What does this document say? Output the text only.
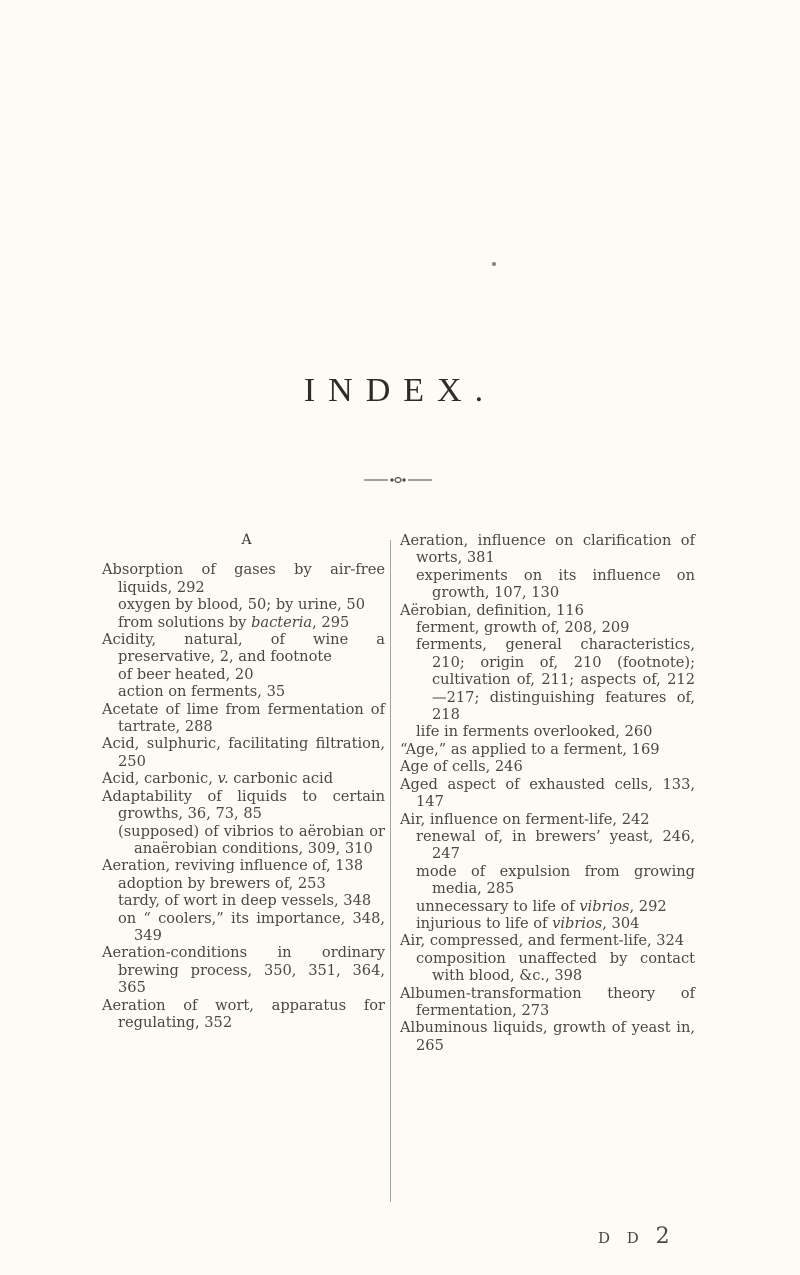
INDEX.
A

Absorption of gases by air-free liquids, 292

oxygen by blood, 50; by urine, 50

from solutions by bacteria, 295

Acidity, natural, of wine a preservative, 2, and footnote

of beer heated, 20

action on ferments, 35

Acetate of lime from fermentation of tartrate, 288

Acid, sulphuric, facilitating filtration, 250

Acid, carbonic, v. carbonic acid

Adaptability of liquids to certain growths, 36, 73, 85

(supposed) of vibrios to aërobian or anaërobian conditions, 309, 310

Aeration, reviving influence of, 138

adoption by brewers of, 253

tardy, of wort in deep vessels, 348

on “ coolers,” its importance, 348, 349

Aeration-conditions in ordinary brewing process, 350, 351, 364, 365

Aeration of wort, apparatus for regulating, 352

Aeration, influence on clarification of worts, 381

experiments on its influence on growth, 107, 130

Aërobian, definition, 116

ferment, growth of, 208, 209

ferments, general characteristics, 210; origin of, 210 (footnote); cultivation of, 211; aspects of, 212—217; distinguishing features of, 218

life in ferments overlooked, 260

“Age,” as applied to a ferment, 169

Age of cells, 246

Aged aspect of exhausted cells, 133, 147

Air, influence on ferment-life, 242

renewal of, in brewers’ yeast, 246, 247

mode of expulsion from growing media, 285

unnecessary to life of vibrios, 292

injurious to life of vibrios, 304

Air, compressed, and ferment-life, 324

composition unaffected by contact with blood, &c., 398

Albumen-transformation theory of fermentation, 273

Albuminous liquids, growth of yeast in, 265

D D 2
